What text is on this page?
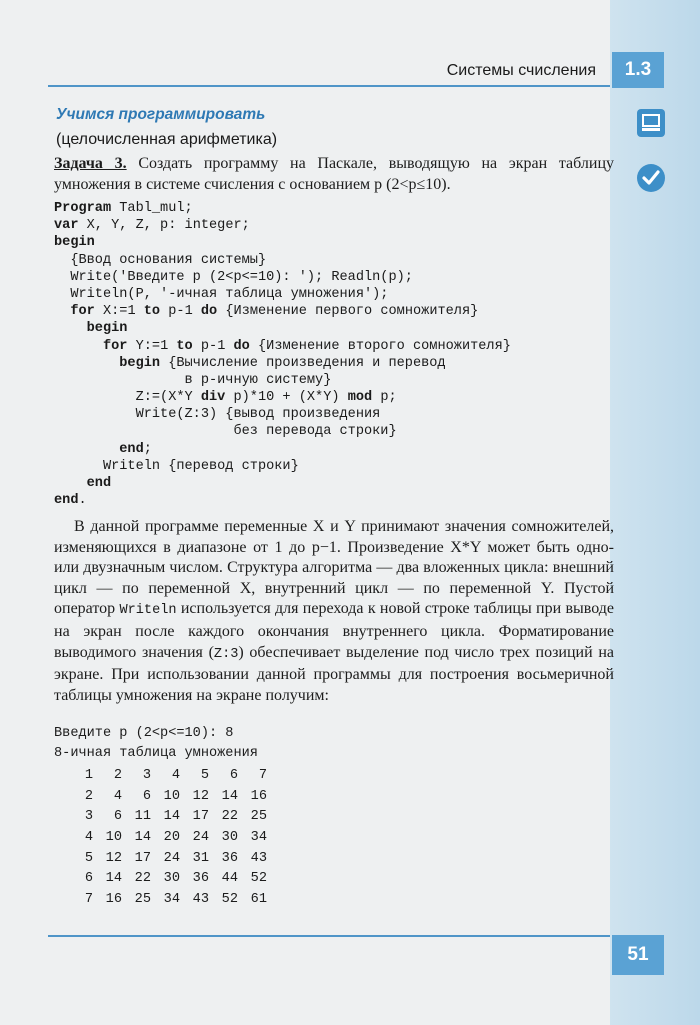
Системы счисления	1.3
Учимся программировать
(целочисленная арифметика)
Задача 3. Создать программу на Паскале, выводящую на экран таблицу умножения в системе счисления с основанием p (2<p≤10).
Program Tabl_mul;
var X, Y, Z, p: integer;
begin
{Ввод основания системы}
Write('Введите p (2<p<=10): '); Readln(p);
Writeln(P, '-ичная таблица умножения');
for X:=1 to p-1 do {Изменение первого сомножителя}
begin
for Y:=1 to p-1 do {Изменение второго сомножителя}
begin {Вычисление произведения и перевод
в p-ичную систему}
Z:=(X*Y div p)*10 + (X*Y) mod p;
Write(Z:3) {вывод произведения
без перевода строки}
end;
Writeln {перевод строки}
end
end.

В данной программе переменные X и Y принимают значения сомножителей, изменяющихся в диапазоне от 1 до p−1. Произведение X*Y может быть одно- или двузначным числом. Структура алгоритма — два вложенных цикла: внешний цикл — по переменной X, внутренний цикл — по переменной Y. Пустой оператор Writeln используется для перехода к новой строке таблицы при выводе на экран после каждого окончания внутреннего цикла. Форматирование выводимого значения (Z:3) обеспечивает выделение под число трех позиций на экране. При использовании данной программы для построения восьмеричной таблицы умножения на экране получим:

Введите p (2<p<=10): 8
8-ичная таблица умножения
1	2	3	4	5	6	7
2	4	6	10	12	14	16
3	6	11	14	17	22	25
4	10	14	20	24	30	34
5	12	17	24	31	36	43
6	14	22	30	36	44	52
7	16	25	34	43	52	61
51
